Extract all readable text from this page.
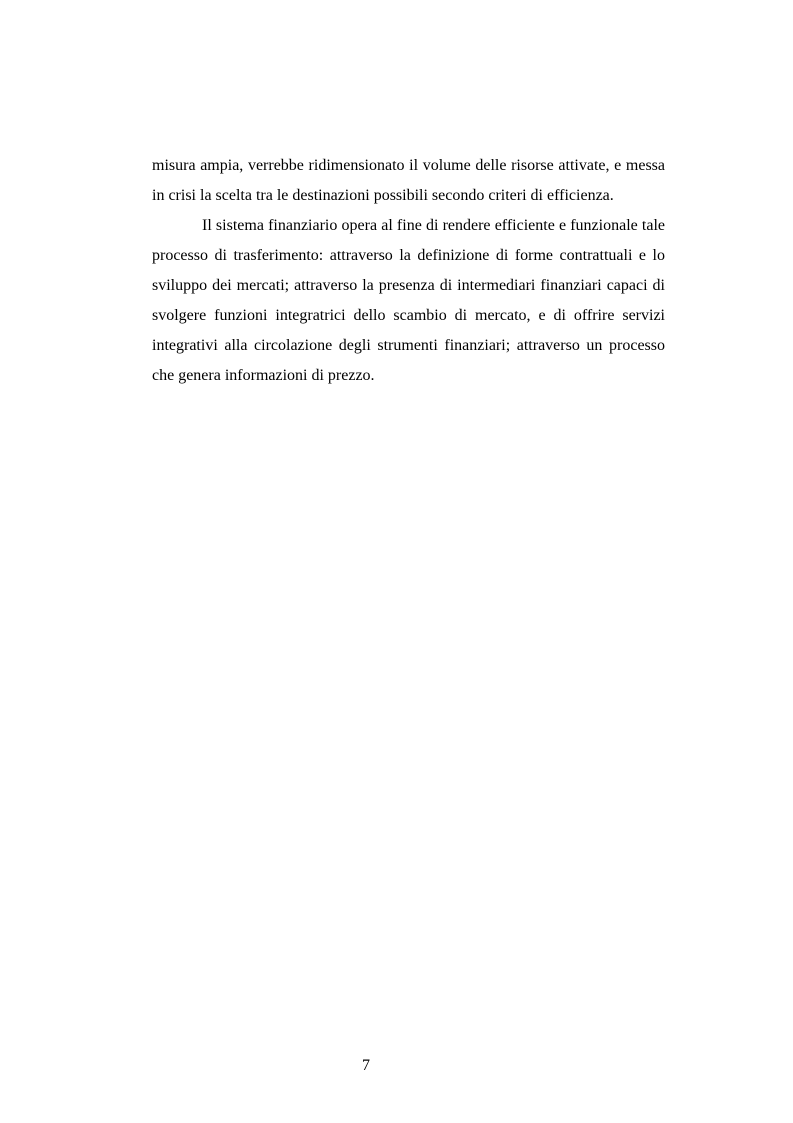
misura ampia, verrebbe ridimensionato il volume delle risorse attivate, e messa in crisi la scelta tra le destinazioni possibili secondo criteri di efficienza.

Il sistema finanziario opera al fine di rendere efficiente e funzionale tale processo di trasferimento: attraverso la definizione di forme contrattuali e lo sviluppo dei mercati; attraverso la presenza di intermediari finanziari capaci di svolgere funzioni integratrici dello scambio di mercato, e di offrire servizi integrativi alla circolazione degli strumenti finanziari; attraverso un processo che genera informazioni di prezzo.

7
